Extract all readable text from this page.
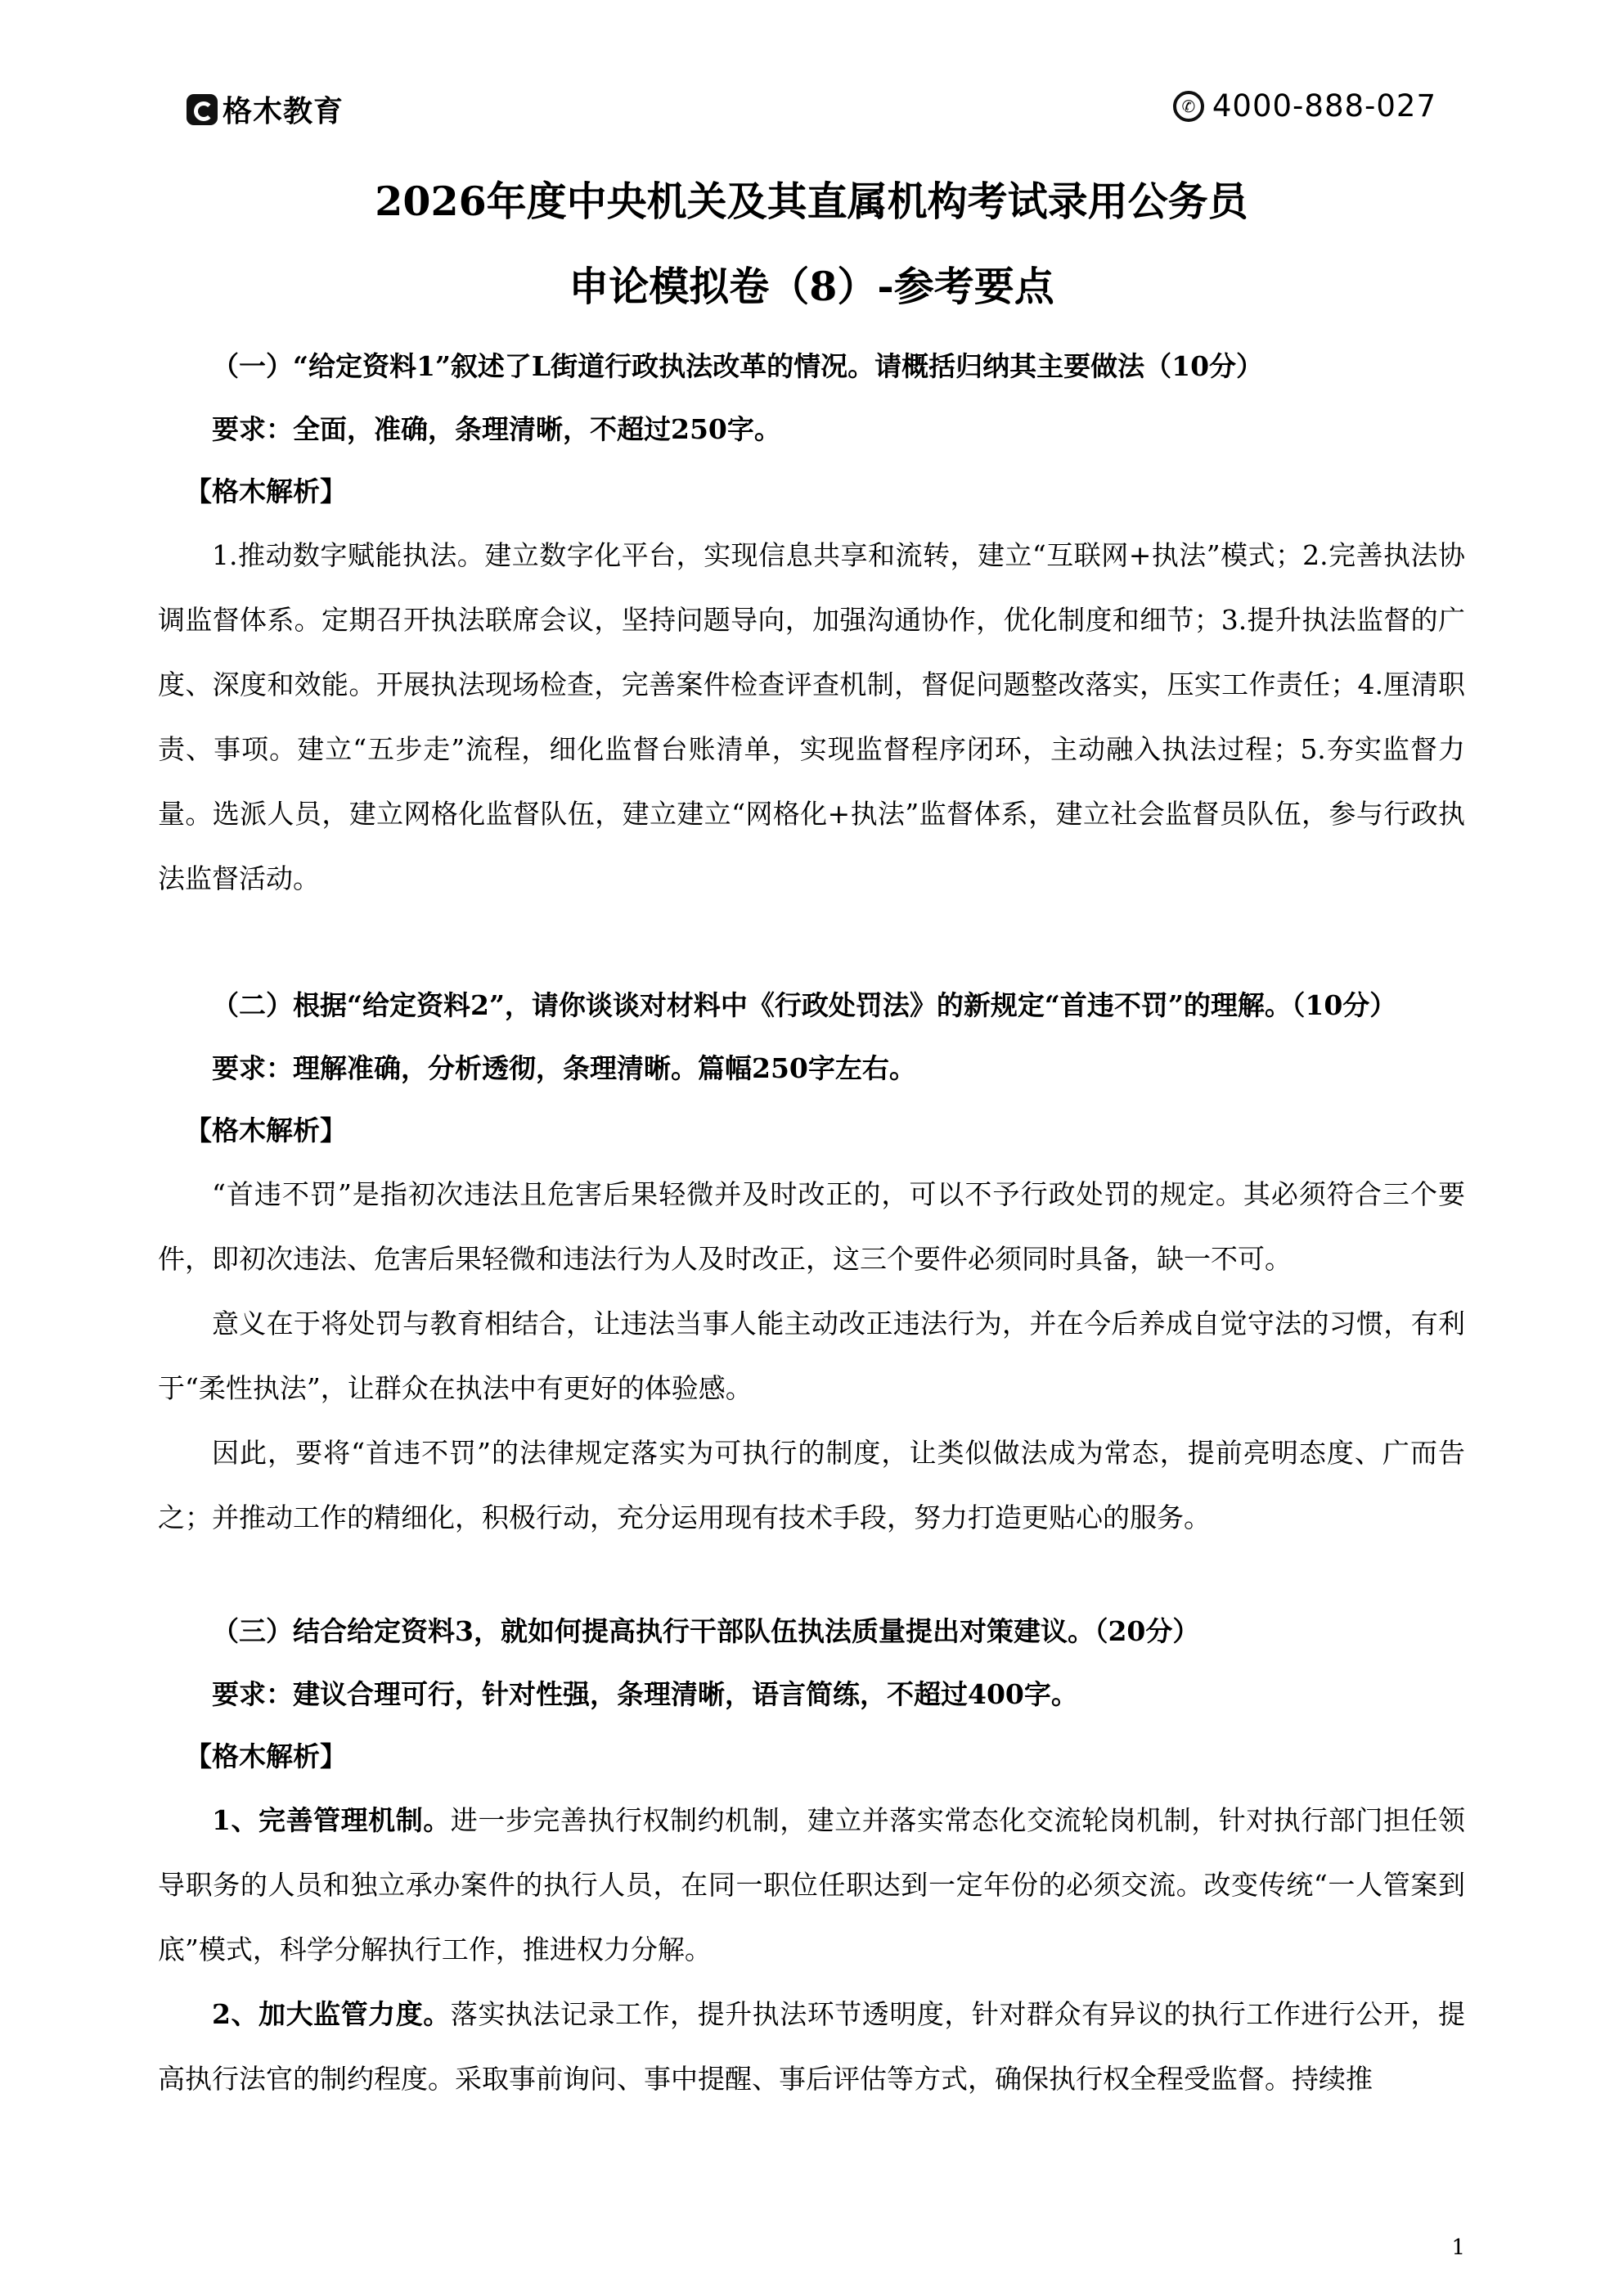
格木教育	✆ 4000-888-027
2026年度中央机关及其直属机构考试录用公务员
申论模拟卷（8）-参考要点

（一）“给定资料1”叙述了L街道行政执法改革的情况。请概括归纳其主要做法（10分）

要求：全面，准确，条理清晰，不超过250字。

【格木解析】

1.推动数字赋能执法。建立数字化平台，实现信息共享和流转，建立“互联网+执法”模式；2.完善执法协调监督体系。定期召开执法联席会议，坚持问题导向，加强沟通协作，优化制度和细节；3.提升执法监督的广度、深度和效能。开展执法现场检查，完善案件检查评查机制，督促问题整改落实，压实工作责任；4.厘清职责、事项。建立“五步走”流程，细化监督台账清单，实现监督程序闭环，主动融入执法过程；5.夯实监督力量。选派人员，建立网格化监督队伍，建立建立“网格化+执法”监督体系，建立社会监督员队伍，参与行政执法监督活动。

（二）根据“给定资料2”，请你谈谈对材料中《行政处罚法》的新规定“首违不罚”的理解。（10分）

要求：理解准确，分析透彻，条理清晰。篇幅250字左右。

【格木解析】

“首违不罚”是指初次违法且危害后果轻微并及时改正的，可以不予行政处罚的规定。其必须符合三个要件，即初次违法、危害后果轻微和违法行为人及时改正，这三个要件必须同时具备，缺一不可。

意义在于将处罚与教育相结合，让违法当事人能主动改正违法行为，并在今后养成自觉守法的习惯，有利于“柔性执法”，让群众在执法中有更好的体验感。

因此，要将“首违不罚”的法律规定落实为可执行的制度，让类似做法成为常态，提前亮明态度、广而告之；并推动工作的精细化，积极行动，充分运用现有技术手段，努力打造更贴心的服务。

（三）结合给定资料3，就如何提高执行干部队伍执法质量提出对策建议。（20分）

要求：建议合理可行，针对性强，条理清晰，语言简练，不超过400字。

【格木解析】

1、完善管理机制。进一步完善执行权制约机制，建立并落实常态化交流轮岗机制，针对执行部门担任领导职务的人员和独立承办案件的执行人员，在同一职位任职达到一定年份的必须交流。改变传统“一人管案到底”模式，科学分解执行工作，推进权力分解。

2、加大监管力度。落实执法记录工作，提升执法环节透明度，针对群众有异议的执行工作进行公开，提高执行法官的制约程度。采取事前询问、事中提醒、事后评估等方式，确保执行权全程受监督。持续推

1
